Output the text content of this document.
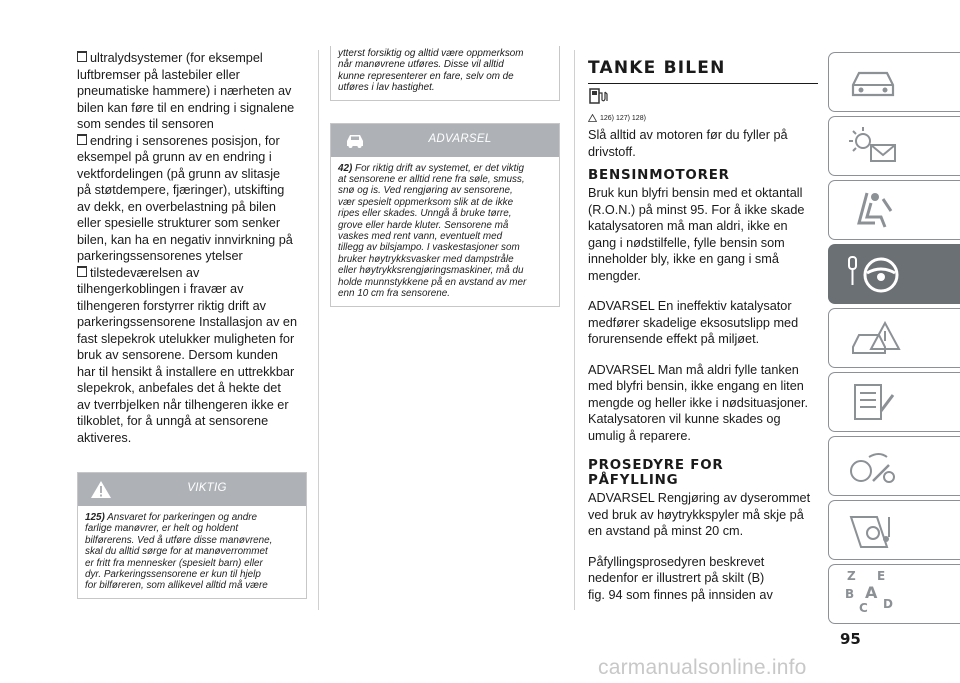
ultralydsystemer (for eksempel
luftbremser på lastebiler eller
pneumatiske hammere) i nærheten av
bilen kan føre til en endring i signalene
som sendes til sensoren
endring i sensorenes posisjon, for
eksempel på grunn av en endring i
vektfordelingen (på grunn av slitasje
på støtdempere, fjæringer), utskifting
av dekk, en overbelastning på bilen
eller spesielle strukturer som senker
bilen, kan ha en negativ innvirkning på
parkeringssensorenes ytelser
tilstedeværelsen av
tilhengerkoblingen i fravær av
tilhengeren forstyrrer riktig drift av
parkeringssensorene Installasjon av en
fast slepekrok utelukker muligheten for
bruk av sensorene. Dersom kunden
har til hensikt å installere en uttrekkbar
slepekrok, anbefales det å hekte det
av tverrbjelken når tilhengeren ikke er
tilkoblet, for å unngå at sensorene
aktiveres.
VIKTIG
125) Ansvaret for parkeringen og andre
farlige manøvrer, er helt og holdent
bilførerens. Ved å utføre disse manøvrene,
skal du alltid sørge for at manøverrommet
er fritt fra mennesker (spesielt barn) eller
dyr. Parkeringssensorene er kun til hjelp
for bilføreren, som allikevel alltid må være
ytterst forsiktig og alltid være oppmerksom
når manøvrene utføres. Disse vil alltid
kunne representerer en fare, selv om de
utføres i lav hastighet.
ADVARSEL
42) For riktig drift av systemet, er det viktig
at sensorene er alltid rene fra søle, smuss,
snø og is. Ved rengjøring av sensorene,
vær spesielt oppmerksom slik at de ikke
ripes eller skades. Unngå å bruke tørre,
grove eller harde kluter. Sensorene må
vaskes med rent vann, eventuelt med
tillegg av bilsjampo. I vaskestasjoner som
bruker høytrykksvasker med dampstråle
eller høytrykksrengjøringsmaskiner, må du
holde munnstykkene på en avstand av mer
enn 10 cm fra sensorene.
TANKE BILEN
126) 127) 128)
Slå alltid av motoren før du fyller på
drivstoff.
BENSINMOTORER
Bruk kun blyfri bensin med et oktantall
(R.O.N.) på minst 95. For å ikke skade
katalysatoren må man aldri, ikke en
gang i nødstilfelle, fylle bensin som
inneholder bly, ikke en gang i små
mengder.
ADVARSEL En ineffektiv katalysator
medfører skadelige eksosutslipp med
forurensende effekt på miljøet.
ADVARSEL Man må aldri fylle tanken
med blyfri bensin, ikke engang en liten
mengde og heller ikke i nødsituasjoner.
Katalysatoren vil kunne skades og
umulig å reparere.
PROSEDYRE FOR
PÅFYLLING
ADVARSEL Rengjøring av dyserommet
ved bruk av høytrykkspyler må skje på
en avstand på minst 20 cm.
Påfyllingsprosedyren beskrevet
nedenfor er illustrert på skilt (B)
fig. 94 som finnes på innsiden av
Z E
B A
C D
95
carmanualsonline.info
